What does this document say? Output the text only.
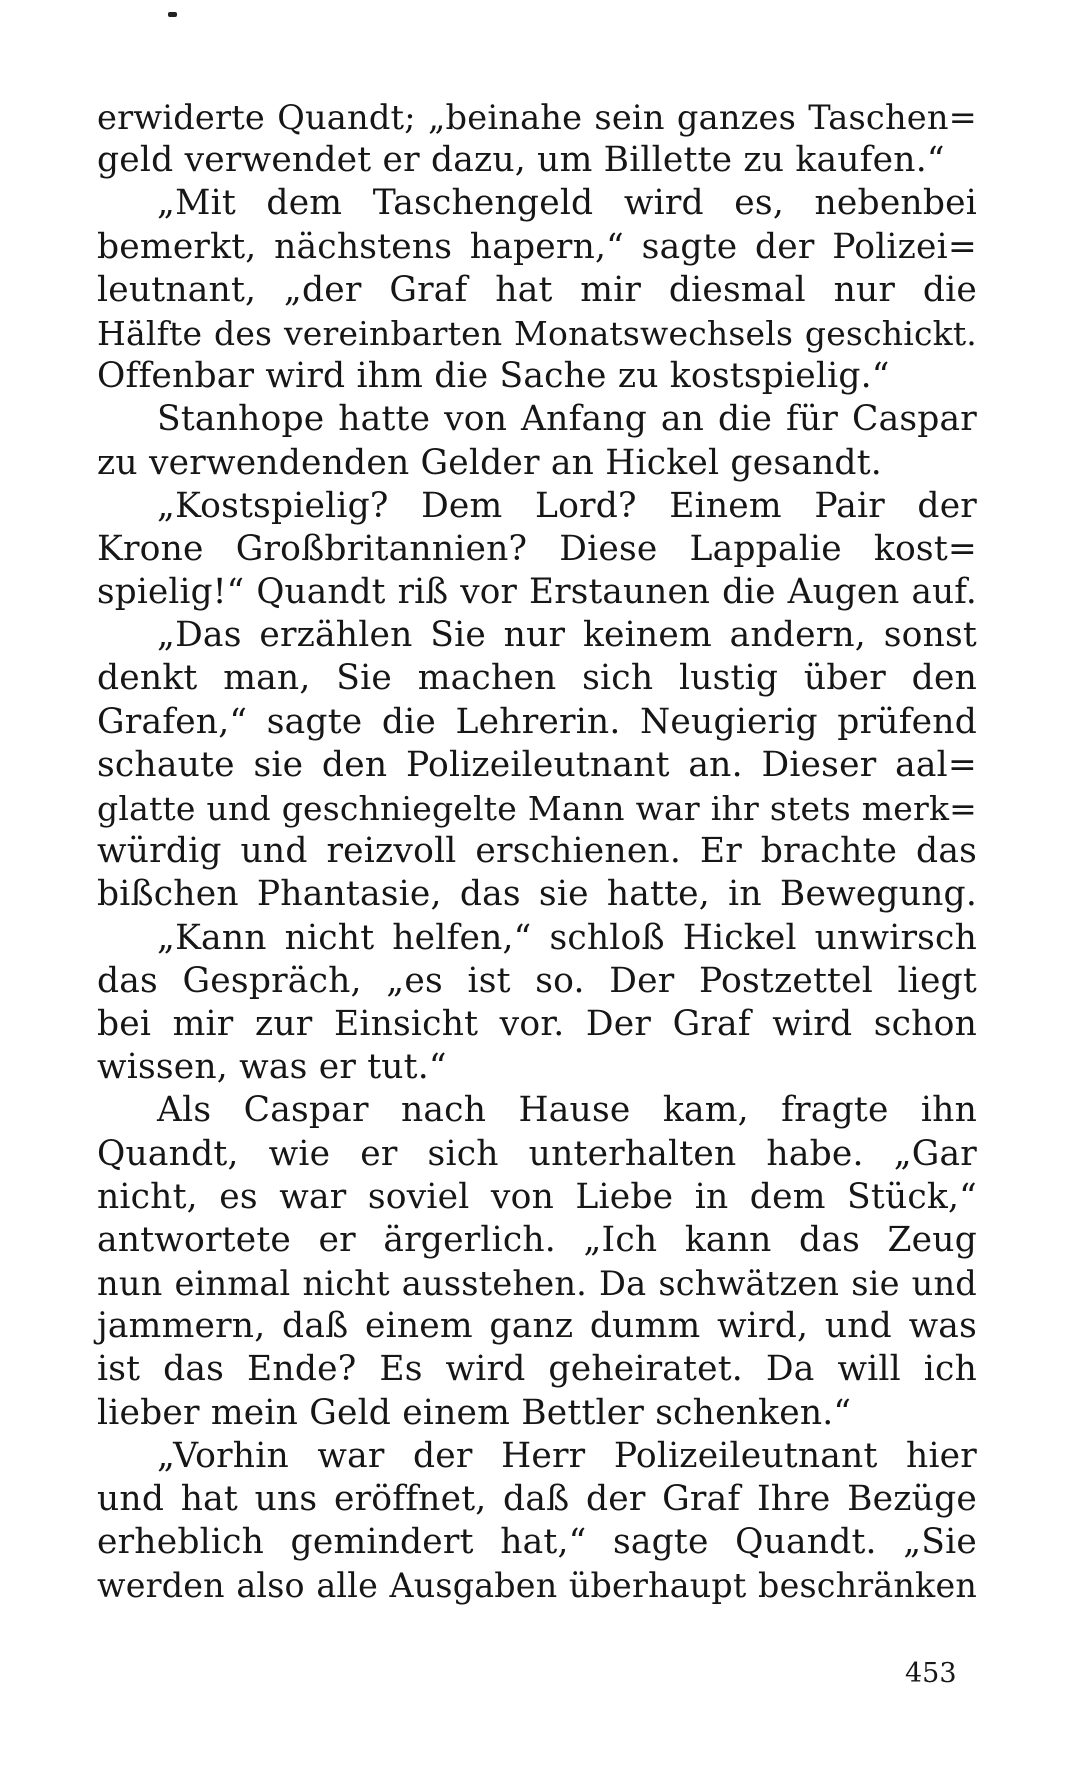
erwiderte Quandt; „beinahe sein ganzes Taschen=
geld verwendet er dazu, um Billette zu kaufen.“
„Mit dem Taschengeld wird es, nebenbei
bemerkt, nächstens hapern,“ sagte der Polizei=
leutnant, „der Graf hat mir diesmal nur die
Hälfte des vereinbarten Monatswechsels geschickt.
Offenbar wird ihm die Sache zu kostspielig.“
Stanhope hatte von Anfang an die für Caspar
zu verwendenden Gelder an Hickel gesandt.
„Kostspielig? Dem Lord? Einem Pair der
Krone Großbritannien? Diese Lappalie kost=
spielig!“ Quandt riß vor Erstaunen die Augen auf.
„Das erzählen Sie nur keinem andern, sonst
denkt man, Sie machen sich lustig über den
Grafen,“ sagte die Lehrerin. Neugierig prüfend
schaute sie den Polizeileutnant an. Dieser aal=
glatte und geschniegelte Mann war ihr stets merk=
würdig und reizvoll erschienen. Er brachte das
bißchen Phantasie, das sie hatte, in Bewegung.
„Kann nicht helfen,“ schloß Hickel unwirsch
das Gespräch, „es ist so. Der Postzettel liegt
bei mir zur Einsicht vor. Der Graf wird schon
wissen, was er tut.“
Als Caspar nach Hause kam, fragte ihn
Quandt, wie er sich unterhalten habe. „Gar
nicht, es war soviel von Liebe in dem Stück,“
antwortete er ärgerlich. „Ich kann das Zeug
nun einmal nicht ausstehen. Da schwätzen sie und
jammern, daß einem ganz dumm wird, und was
ist das Ende? Es wird geheiratet. Da will ich
lieber mein Geld einem Bettler schenken.“
„Vorhin war der Herr Polizeileutnant hier
und hat uns eröffnet, daß der Graf Ihre Bezüge
erheblich gemindert hat,“ sagte Quandt. „Sie
werden also alle Ausgaben überhaupt beschränken
453
